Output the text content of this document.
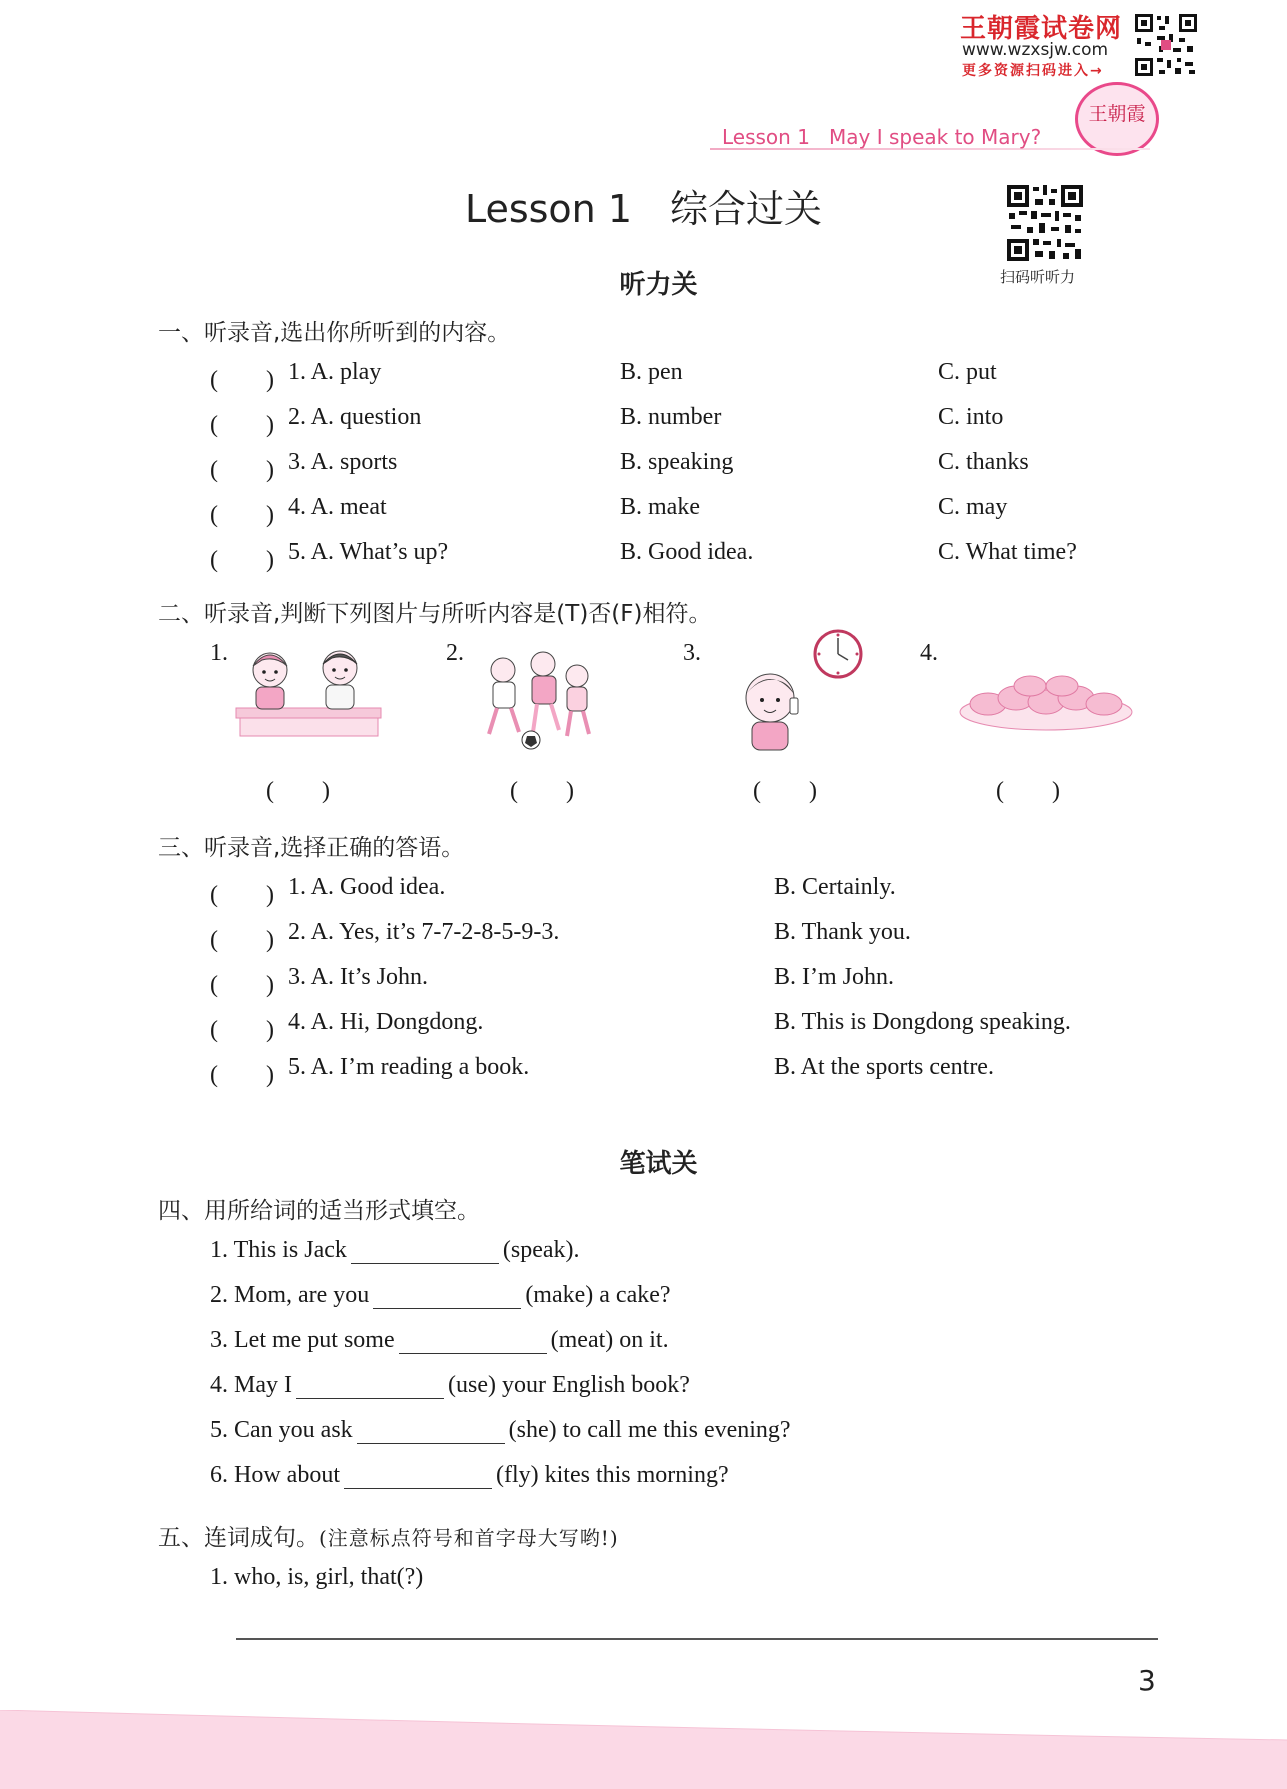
王朝霞试卷网
www.wzxsjw.com
更多资源扫码进入→
王朝霞
Lesson 1 May I speak to Mary?
Lesson 1　综合过关
扫码听听力
听力关
一、听录音,选出你所听到的内容。
(　　) 1. A. play	B. pen	C. put
(　　) 2. A. question	B. number	C. into
(　　) 3. A. sports	B. speaking	C. thanks
(　　) 4. A. meat	B. make	C. may
(　　) 5. A. What’s up?	B. Good idea.	C. What time?
二、听录音,判断下列图片与所听内容是(T)否(F)相符。
1.
(　　)
2.
(　　)
3.
(　　)
4.
(　　)
三、听录音,选择正确的答语。
(　　) 1. A. Good idea.	B. Certainly.
(　　) 2. A. Yes, it’s 7-7-2-8-5-9-3.	B. Thank you.
(　　) 3. A. It’s John.	B. I’m John.
(　　) 4. A. Hi, Dongdong.	B. This is Dongdong speaking.
(　　) 5. A. I’m reading a book.	B. At the sports centre.
笔试关
四、用所给词的适当形式填空。
1. This is Jack	(speak).
2. Mom, are you	(make) a cake?
3. Let me put some	(meat) on it.
4. May I	(use) your English book?
5. Can you ask	(she) to call me this evening?
6. How about	(fly) kites this morning?
五、连词成句。(注意标点符号和首字母大写哟!)
1. who, is, girl, that(?)
3
